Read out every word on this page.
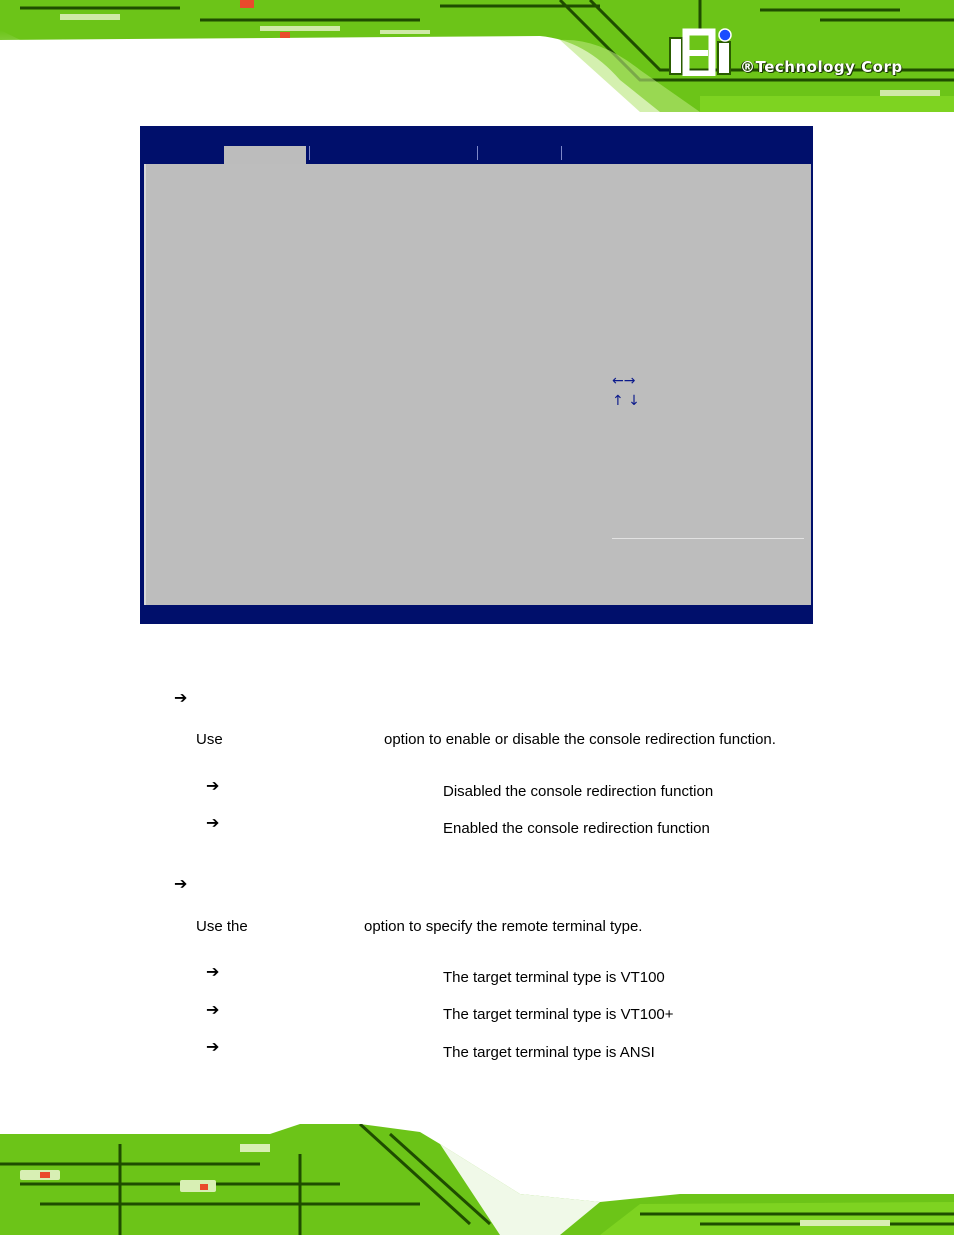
®Technology Corp
←→
↑ ↓
➔
Use	option to enable or disable the console redirection function.
➔	Disabled the console redirection function
➔	Enabled the console redirection function
➔
Use the	option to specify the remote terminal type.
➔	The target terminal type is VT100
➔	The target terminal type is VT100+
➔	The target terminal type is ANSI
